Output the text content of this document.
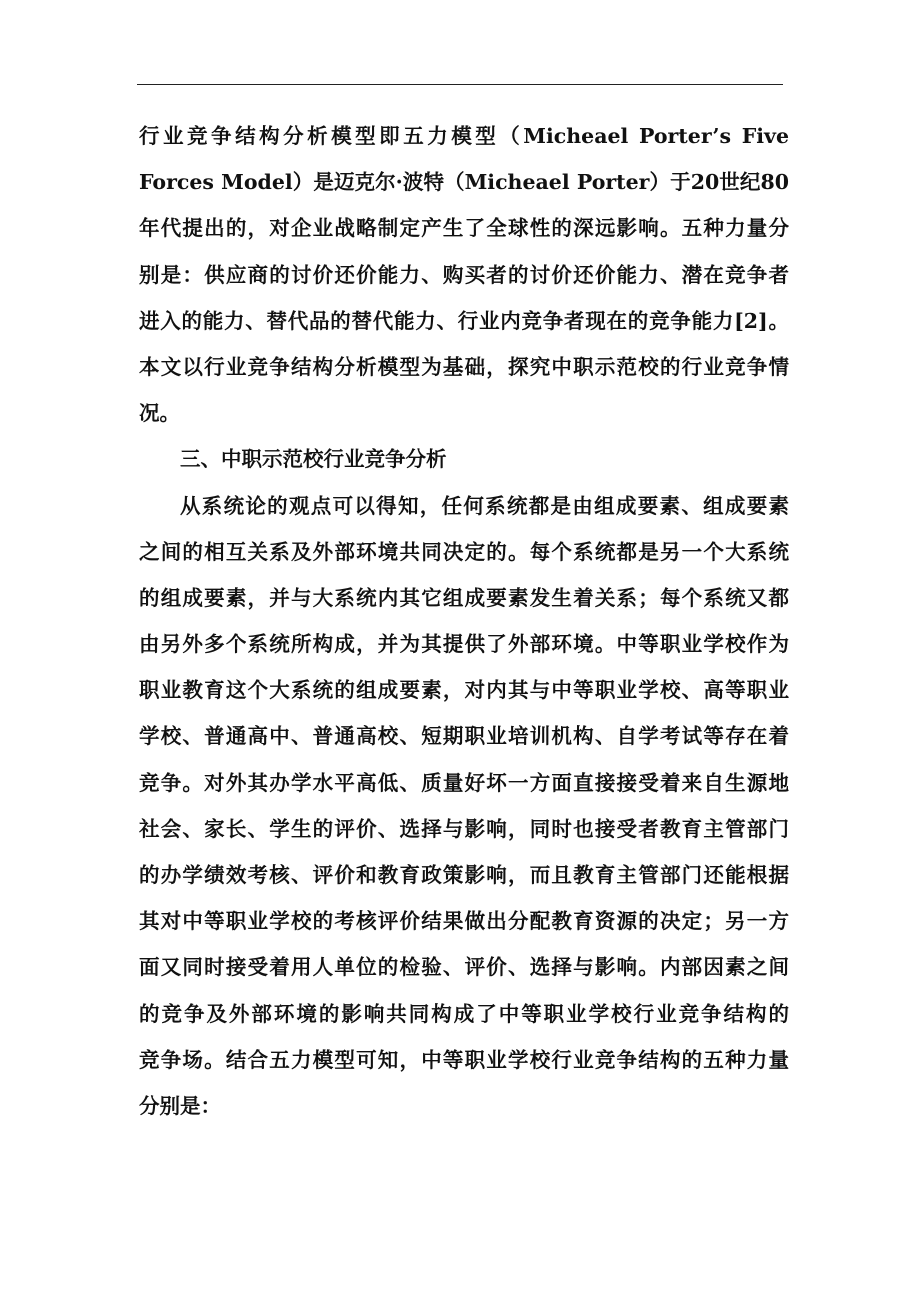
行业竞争结构分析模型即五力模型（Micheael Porter’s Five
Forces Model）是迈克尔·波特（Micheael Porter）于20世纪80
年代提出的，对企业战略制定产生了全球性的深远影响。五种力量分
别是：供应商的讨价还价能力、购买者的讨价还价能力、潜在竞争者
进入的能力、替代品的替代能力、行业内竞争者现在的竞争能力[2]。
本文以行业竞争结构分析模型为基础，探究中职示范校的行业竞争情
况。
三、中职示范校行业竞争分析
从系统论的观点可以得知，任何系统都是由组成要素、组成要素
之间的相互关系及外部环境共同决定的。每个系统都是另一个大系统
的组成要素，并与大系统内其它组成要素发生着关系；每个系统又都
由另外多个系统所构成，并为其提供了外部环境。中等职业学校作为
职业教育这个大系统的组成要素，对内其与中等职业学校、高等职业
学校、普通高中、普通高校、短期职业培训机构、自学考试等存在着
竞争。对外其办学水平高低、质量好坏一方面直接接受着来自生源地
社会、家长、学生的评价、选择与影响，同时也接受者教育主管部门
的办学绩效考核、评价和教育政策影响，而且教育主管部门还能根据
其对中等职业学校的考核评价结果做出分配教育资源的决定；另一方
面又同时接受着用人单位的检验、评价、选择与影响。内部因素之间
的竞争及外部环境的影响共同构成了中等职业学校行业竞争结构的
竞争场。结合五力模型可知，中等职业学校行业竞争结构的五种力量
分别是：
